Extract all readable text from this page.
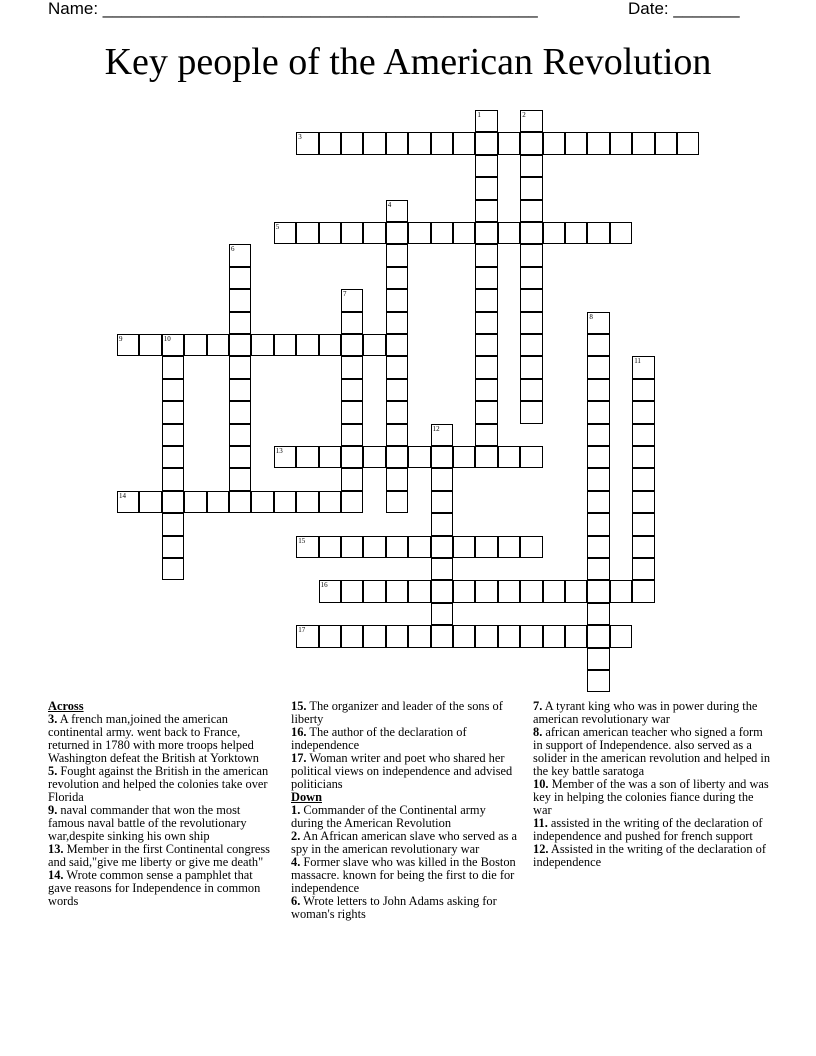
Name: ______________________________________________	Date: _______
Key people of the American Revolution
3
5
9	10
13
14
15
16
17
1	2
4
6
7
8
11
12
Across

3. A french man,joined the american continental army. went back to France, returned in 1780 with more troops helped Washington defeat the British at Yorktown

5. Fought against the British in the american revolution and helped the colonies take over Florida

9. naval commander that won the most famous naval battle of the revolutionary war,despite sinking his own ship

13. Member in the first Continental congress and said,"give me liberty or give me death"

14. Wrote common sense a pamphlet that gave reasons for Independence in common words

15. The organizer and leader of the sons of liberty

16. The author of the declaration of independence

17. Woman writer and poet who shared her political views on independence and advised politicians

Down

1. Commander of the Continental army during the American Revolution

2. An African american slave who served as a spy in the american revolutionary war

4. Former slave who was killed in the Boston massacre. known for being the first to die for independence

6. Wrote letters to John Adams asking for woman's rights

7. A tyrant king who was in power during the american revolutionary war

8. african american teacher who signed a form in support of Independence. also served as a solider in the american revolution and helped in the key battle saratoga

10. Member of the was a son of liberty and was key in helping the colonies fiance during the war

11. assisted in the writing of the declaration of independence and pushed for french support

12. Assisted in the writing of the declaration of independence
